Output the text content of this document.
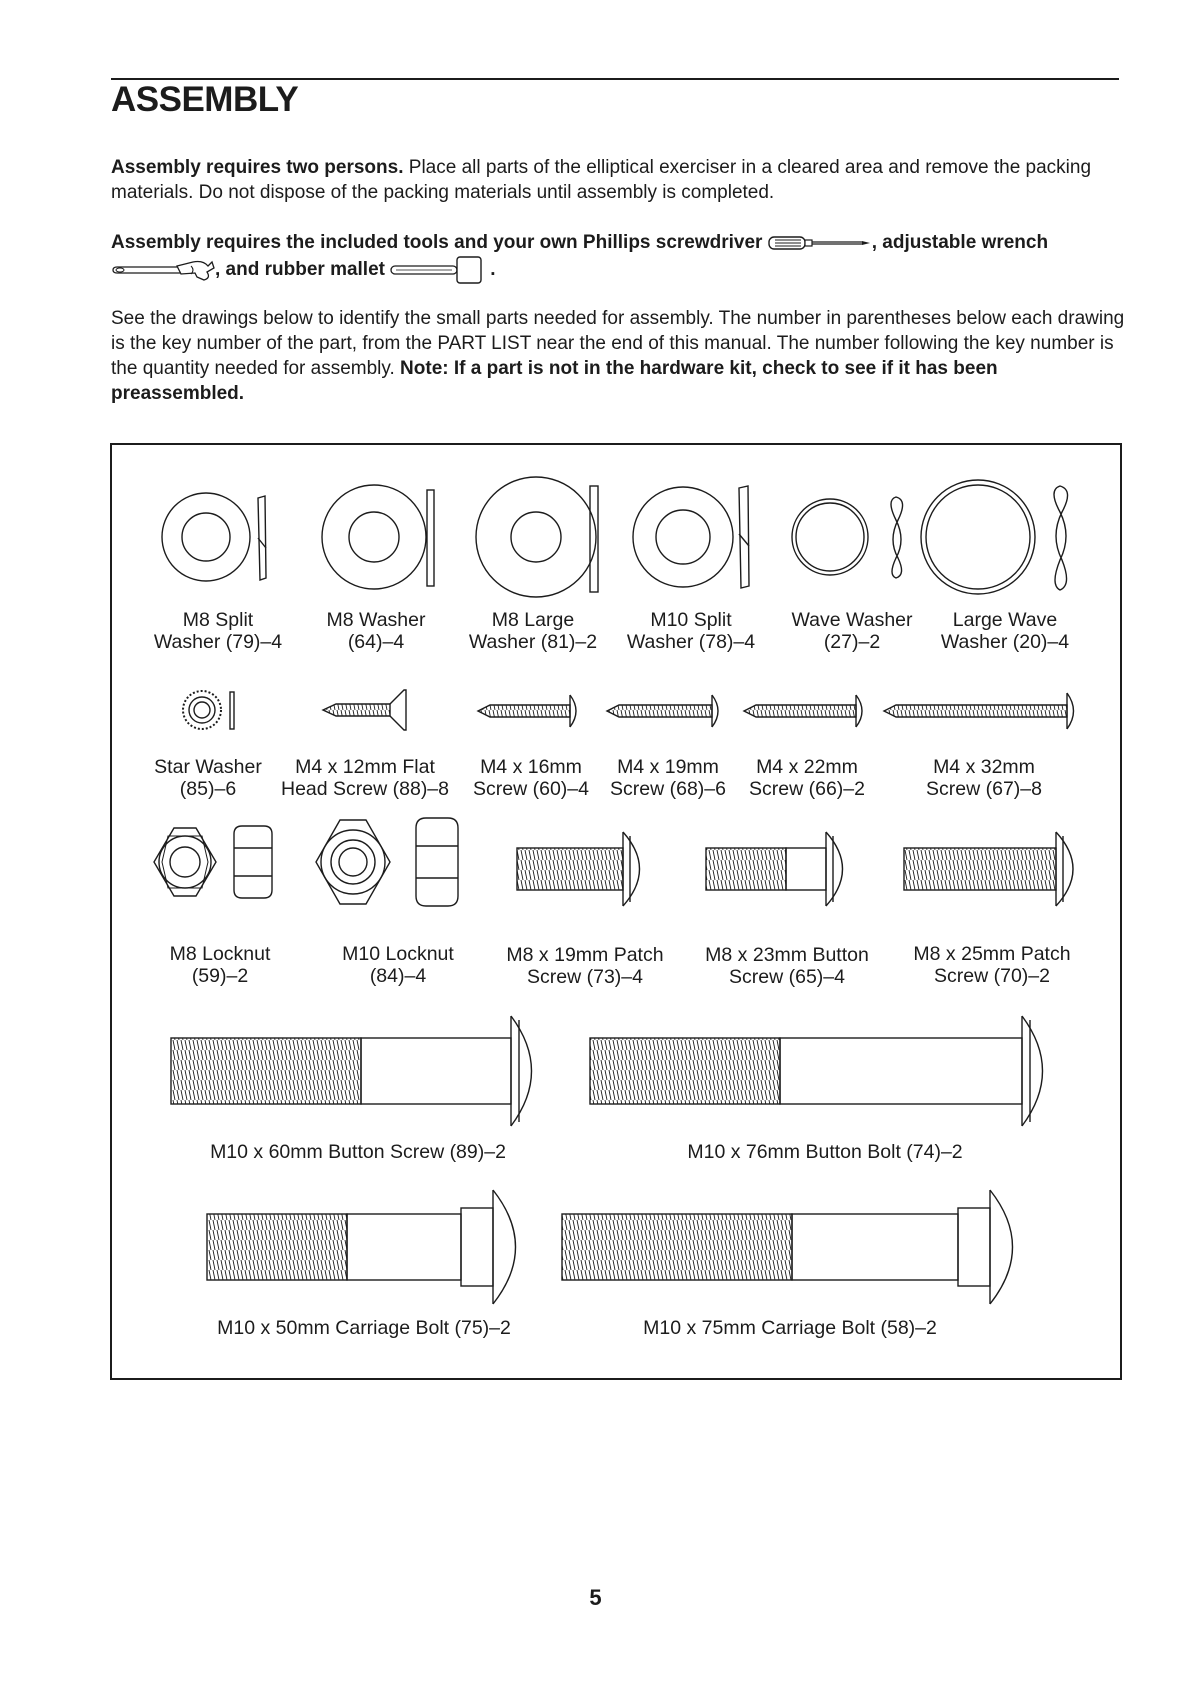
ASSEMBLY

Assembly requires two persons. Place all parts of the elliptical exerciser in a cleared area and remove the packing materials. Do not dispose of the packing materials until assembly is completed.

Assembly requires the included tools and your own Phillips screwdriver	, adjustable wrench , and rubber mallet	.

See the drawings below to identify the small parts needed for assembly. The number in parentheses below each drawing is the key number of the part, from the PART LIST near the end of this manual. The number following the key number is the quantity needed for assembly. Note: If a part is not in the hardware kit, check to see if it has been preassembled.

M8 Split
Washer (79)–4
M8 Washer
(64)–4
M8 Large
Washer (81)–2
M10 Split
Washer (78)–4
Wave Washer
(27)–2
Large Wave
Washer (20)–4
Star Washer
(85)–6
M4 x 12mm Flat
Head Screw (88)–8
M4 x 16mm
Screw (60)–4
M4 x 19mm
Screw (68)–6
M4 x 22mm
Screw (66)–2
M4 x 32mm
Screw (67)–8
M8 Locknut
(59)–2
M10 Locknut
(84)–4
M8 x 19mm Patch
Screw (73)–4
M8 x 23mm Button
Screw (65)–4
M8 x 25mm Patch
Screw (70)–2
M10 x 60mm Button Screw (89)–2	M10 x 76mm Button Bolt (74)–2
M10 x 50mm Carriage Bolt (75)–2	M10 x 75mm Carriage Bolt (58)–2
5
